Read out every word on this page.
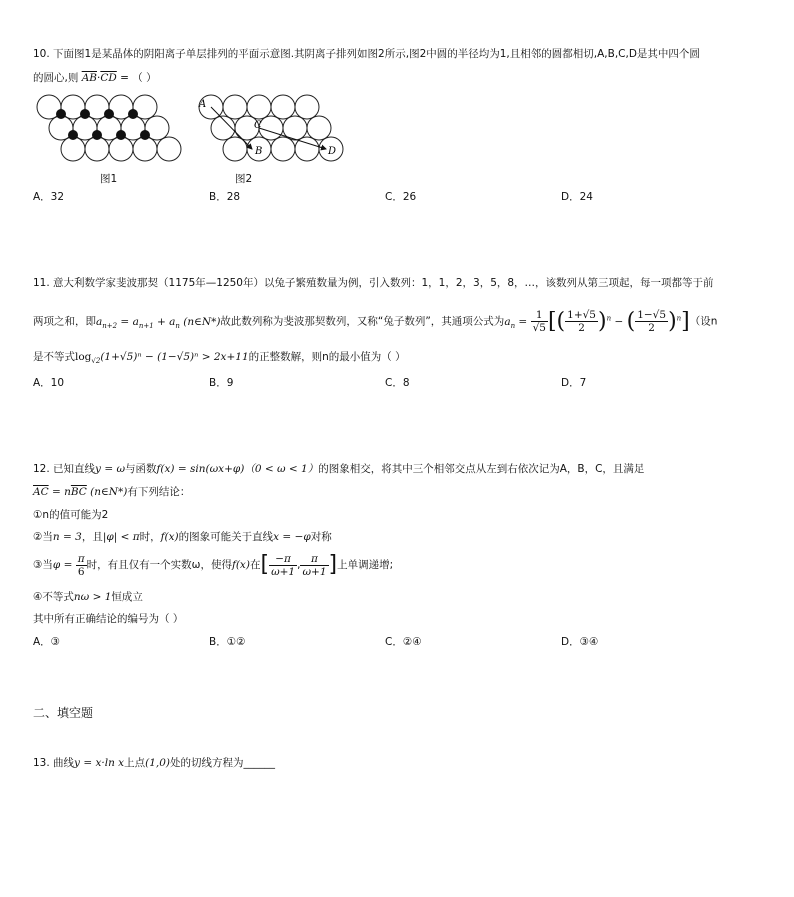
10. 下面图1是某晶体的阴阳离子单层排列的平面示意图.其阴离子排列如图2所示,图2中圆的半径均为1,且相邻的圆都相切,A,B,C,D是其中四个圆
的圆心,则 $\overline{AB}\cdot\overline{CD}$ = （ ）
图1
A
B
C
D
图2
A．32	B．28	C．26	D．24
11. 意大利数学家斐波那契（1175年—1250年）以兔子繁殖数量为例，引入数列：1，1，2，3，5，8，…，该数列从第三项起，每一项都等于前
两项之和，即$a_{n+2} = a_{n+1} + a_n$ (n∈N*)故此数列称为斐波那契数列，又称“兔子数列”，其通项公式为$a_n = \frac{1}{√5}$ [( $\frac{1+√5}{2} )^n$ − ( $\frac{1-√5}{2} )^n$]（设n
是不等式$\log_{√2}(1+√5)^n - (1-√5)^n > 2x+11$的正整数解，则n的最小值为（ ）
A．10	B．9	C．8	D．7
12. 已知直线y = ω与函数f(x) = sin(ωx+φ)（0 < ω < 1）的图象相交，将其中三个相邻交点从左到右依次记为A，B，C，且满足
$\overline{AC} = n\overline{BC}$ (n∈N*)有下列结论：
①n的值可能为2
②当n = 3，且|φ| < π时，f(x)的图象可能关于直线x = −φ对称
③当$\varphi = \frac{\pi}{6}$ 时，有且仅有一个实数ω，使得f(x)在[ $\frac{-\pi}{\omega+1}$ , $\frac{\pi}{\omega+1}$ ]上单调递增;
④不等式nω > 1恒成立
其中所有正确结论的编号为（ ）
A．③	B．①②	C．②④	D．③④
二、填空题
13. 曲线y = x·ln x上点(1,0)处的切线方程为______
